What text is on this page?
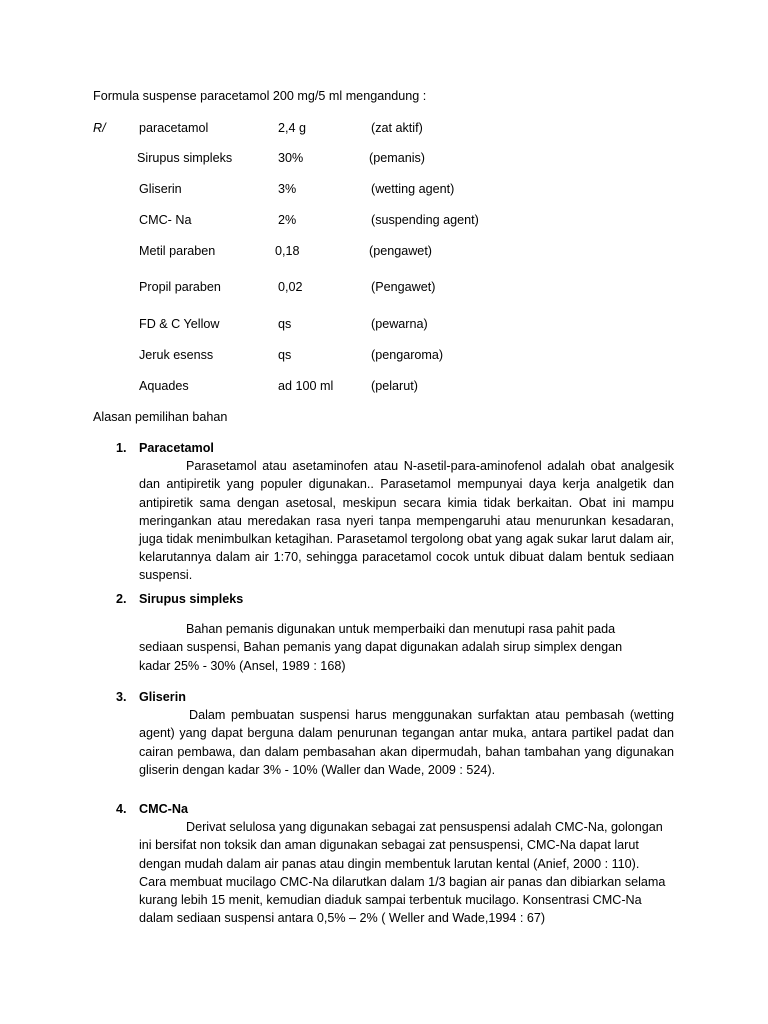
Formula suspense paracetamol 200 mg/5 ml mengandung :
R/	paracetamol	2,4 g	(zat aktif)
Sirupus simpleks	30%	(pemanis)
Gliserin	3%	(wetting agent)
CMC- Na	2%	(suspending agent)
Metil paraben	0,18	(pengawet)
Propil paraben	0,02	(Pengawet)
FD & C Yellow	qs	(pewarna)
Jeruk esenss	qs	(pengaroma)
Aquades	ad 100 ml	(pelarut)
Alasan pemilihan bahan
1. Paracetamol
Parasetamol atau asetaminofen atau N-asetil-para-aminofenol adalah obat analgesik dan antipiretik yang populer digunakan.. Parasetamol mempunyai daya kerja analgetik dan antipiretik sama dengan asetosal, meskipun secara kimia tidak berkaitan. Obat ini mampu meringankan atau meredakan rasa nyeri tanpa mempengaruhi atau menurunkan kesadaran, juga tidak menimbulkan ketagihan. Parasetamol tergolong obat yang agak sukar larut dalam air, kelarutannya dalam air 1:70, sehingga paracetamol cocok untuk dibuat dalam bentuk sediaan suspensi.
2. Sirupus simpleks
Bahan pemanis digunakan untuk memperbaiki dan menutupi rasa pahit pada sediaan suspensi, Bahan pemanis yang dapat digunakan adalah sirup simplex dengan kadar 25% - 30% (Ansel, 1989 : 168)
3. Gliserin
Dalam pembuatan suspensi harus menggunakan surfaktan atau pembasah (wetting agent) yang dapat berguna dalam penurunan tegangan antar muka, antara partikel padat dan cairan pembawa, dan dalam pembasahan akan dipermudah, bahan tambahan yang digunakan gliserin dengan kadar 3% - 10% (Waller dan Wade, 2009 : 524).
4. CMC-Na
Derivat selulosa yang digunakan sebagai zat pensuspensi adalah CMC-Na, golongan ini bersifat non toksik dan aman digunakan sebagai zat pensuspensi, CMC-Na dapat larut dengan mudah dalam air panas atau dingin membentuk larutan kental (Anief, 2000 : 110). Cara membuat mucilago CMC-Na dilarutkan dalam 1/3 bagian air panas dan dibiarkan selama kurang lebih 15 menit, kemudian diaduk sampai terbentuk mucilago. Konsentrasi CMC-Na dalam sediaan suspensi antara 0,5% – 2% ( Weller and Wade,1994 : 67)
